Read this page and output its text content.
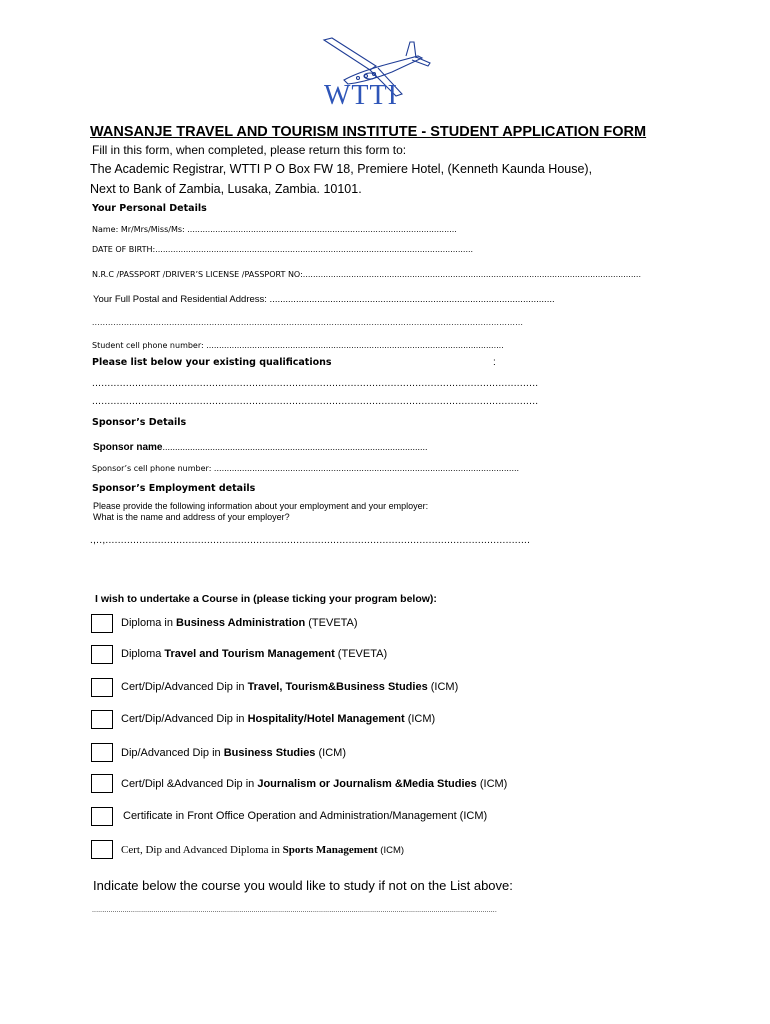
WTTI
WANSANJE TRAVEL AND TOURISM INSTITUTE - STUDENT APPLICATION FORM
Fill in this form, when completed, please return this form to:
The Academic Registrar, WTTI P O Box FW 18, Premiere Hotel, (Kenneth Kaunda House),
Next to Bank of Zambia, Lusaka, Zambia. 10101.
Your Personal Details
Name: Mr/Mrs/Miss/Ms: ..........................................................................................................
DATE OF BIRTH:.............................................................................................................................
N.R.C /PASSPORT /DRIVER’S LICENSE /PASSPORT NO:.....................................................................................................................................
Your Full Postal and Residential Address: ............................................................................................................
..................................................................................................................................................................
Student cell phone number: .....................................................................................................................
Please list below your existing qualifications	:
.................................................................................................................................................
.................................................................................................................................................
Sponsor’s Details
Sponsor name..........................................................................................................
Sponsor’s cell phone number: ........................................................................................................................
Sponsor’s Employment details
Please provide the following information about your employment and your employer:
What is the name and address of your employer?
.,..,..........................................................................................................................................
I wish to undertake a Course in (please ticking your program below):
Diploma in Business Administration (TEVETA)
Diploma Travel and Tourism Management (TEVETA)
Cert/Dip/Advanced Dip in Travel, Tourism&Business Studies (ICM)
Cert/Dip/Advanced Dip in Hospitality/Hotel Management (ICM)
Dip/Advanced Dip in Business Studies (ICM)
Cert/Dipl &Advanced Dip in Journalism or Journalism &Media Studies (ICM)
Certificate in Front Office Operation and Administration/Management (ICM)
Cert, Dip and Advanced Diploma in Sports Management (ICM)
Indicate below the course you would like to study if not on the List above:
......................................................................................................................................................................................................
